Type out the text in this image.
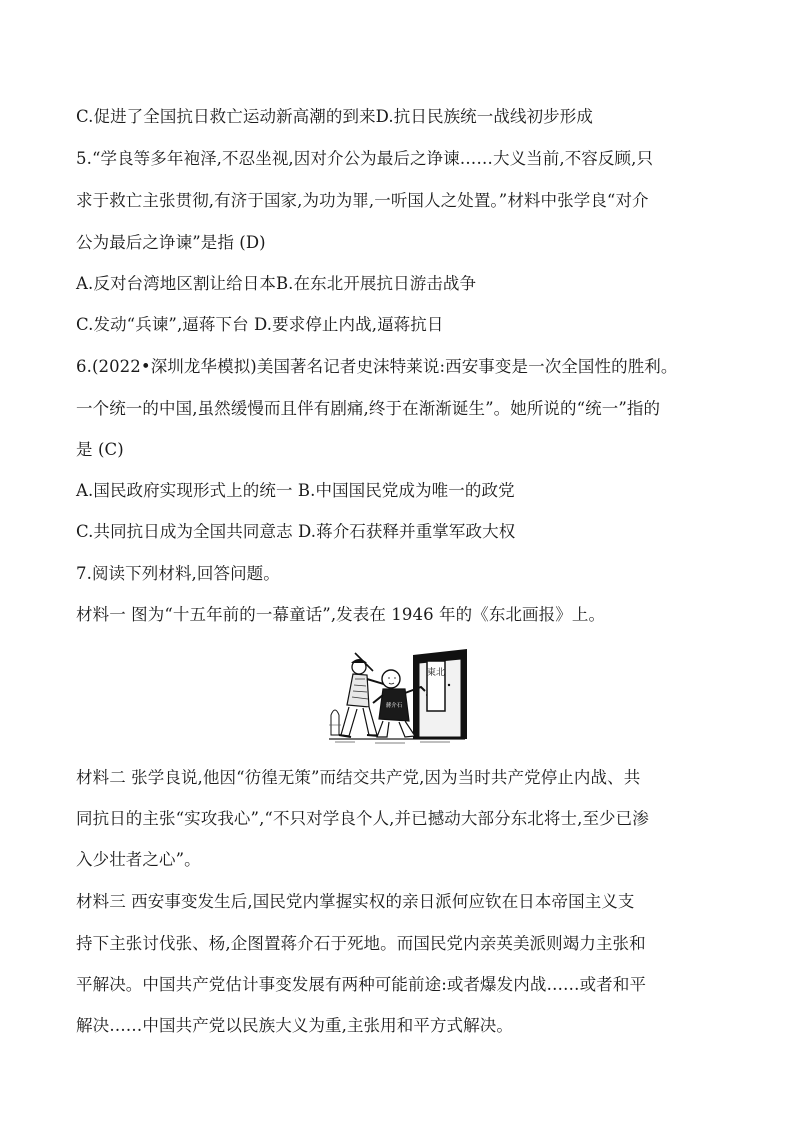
C.促进了全国抗日救亡运动新高潮的到来D.抗日民族统一战线初步形成
5.“学良等多年袍泽,不忍坐视,因对介公为最后之诤谏……大义当前,不容反顾,只
求于救亡主张贯彻,有济于国家,为功为罪,一听国人之处置。”材料中张学良“对介
公为最后之诤谏”是指 (D)
A.反对台湾地区割让给日本B.在东北开展抗日游击战争
C.发动“兵谏”,逼蒋下台 D.要求停止内战,逼蒋抗日
6.(2022•深圳龙华模拟)美国著名记者史沫特莱说:西安事变是一次全国性的胜利。
一个统一的中国,虽然缓慢而且伴有剧痛,终于在渐渐诞生”。她所说的“统一”指的
是 (C)
A.国民政府实现形式上的统一 B.中国国民党成为唯一的政党
C.共同抗日成为全国共同意志 D.蒋介石获释并重掌军政大权
7.阅读下列材料,回答问题。
材料一 图为“十五年前的一幕童话”,发表在 1946 年的《东北画报》上。
東北
蔣介石
材料二 张学良说,他因“彷徨无策”而结交共产党,因为当时共产党停止内战、共
同抗日的主张“实攻我心”,“不只对学良个人,并已撼动大部分东北将士,至少已渗
入少壮者之心”。
材料三 西安事变发生后,国民党内掌握实权的亲日派何应钦在日本帝国主义支
持下主张讨伐张、杨,企图置蒋介石于死地。而国民党内亲英美派则竭力主张和
平解决。中国共产党估计事变发展有两种可能前途:或者爆发内战……或者和平
解决……中国共产党以民族大义为重,主张用和平方式解决。
